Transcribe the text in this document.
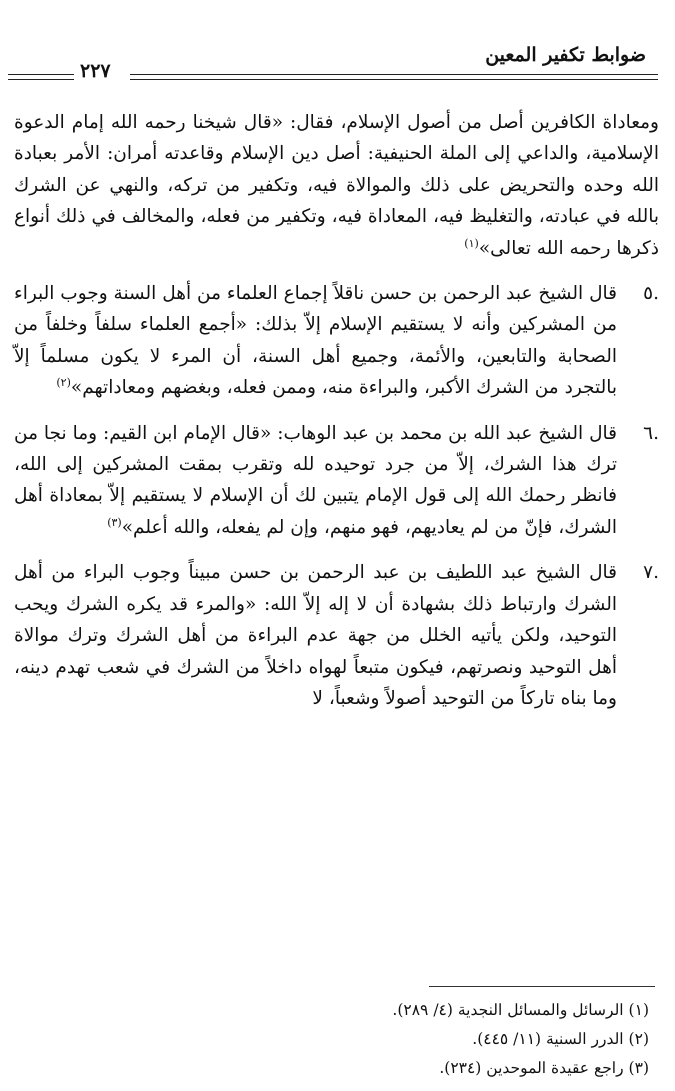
ضوابط تكفير المعين
٢٢٧

ومعاداة الكافرين أصل من أصول الإسلام، فقال: «قال شيخنا رحمه الله إمام الدعوة الإسلامية، والداعي إلى الملة الحنيفية: أصل دين الإسلام وقاعدته أمران: الأمر بعبادة الله وحده والتحريض على ذلك والموالاة فيه، وتكفير من تركه، والنهي عن الشرك بالله في عبادته، والتغليظ فيه، المعاداة فيه، وتكفير من فعله، والمخالف في ذلك أنواع ذكرها رحمه الله تعالى»$^{(١)}$

.٥

قال الشيخ عبد الرحمن بن حسن ناقلاً إجماع العلماء من أهل السنة وجوب البراء من المشركين وأنه لا يستقيم الإسلام إلاّ بذلك: «أجمع العلماء سلفاً وخلفاً من الصحابة والتابعين، والأئمة، وجميع أهل السنة، أن المرء لا يكون مسلماً إلاّ بالتجرد من الشرك الأكبر، والبراءة منه، وممن فعله، وبغضهم ومعاداتهم»$^{(٢)}$

.٦

قال الشيخ عبد الله بن محمد بن عبد الوهاب: «قال الإمام ابن القيم: وما نجا من ترك هذا الشرك، إلاّ من جرد توحيده لله وتقرب بمقت المشركين إلى الله، فانظر رحمك الله إلى قول الإمام يتبين لك أن الإسلام لا يستقيم إلاّ بمعاداة أهل الشرك، فإنّ من لم يعاديهم، فهو منهم، وإن لم يفعله، والله أعلم»$^{(٣)}$

.٧

قال الشيخ عبد اللطيف بن عبد الرحمن بن حسن مبيناً وجوب البراء من أهل الشرك وارتباط ذلك بشهادة أن لا إله إلاّ الله: «والمرء قد يكره الشرك ويحب التوحيد، ولكن يأتيه الخلل من جهة عدم البراءة من أهل الشرك وترك موالاة أهل التوحيد ونصرتهم، فيكون متبعاً لهواه داخلاً من الشرك في شعب تهدم دينه، وما بناه تاركاً من التوحيد أصولاً وشعباً، لا

(١) الرسائل والمسائل النجدية (٤/ ٢٨٩).

(٢) الدرر السنية (١١/ ٤٤٥).

(٣) راجع عقيدة الموحدين (٢٣٤).
